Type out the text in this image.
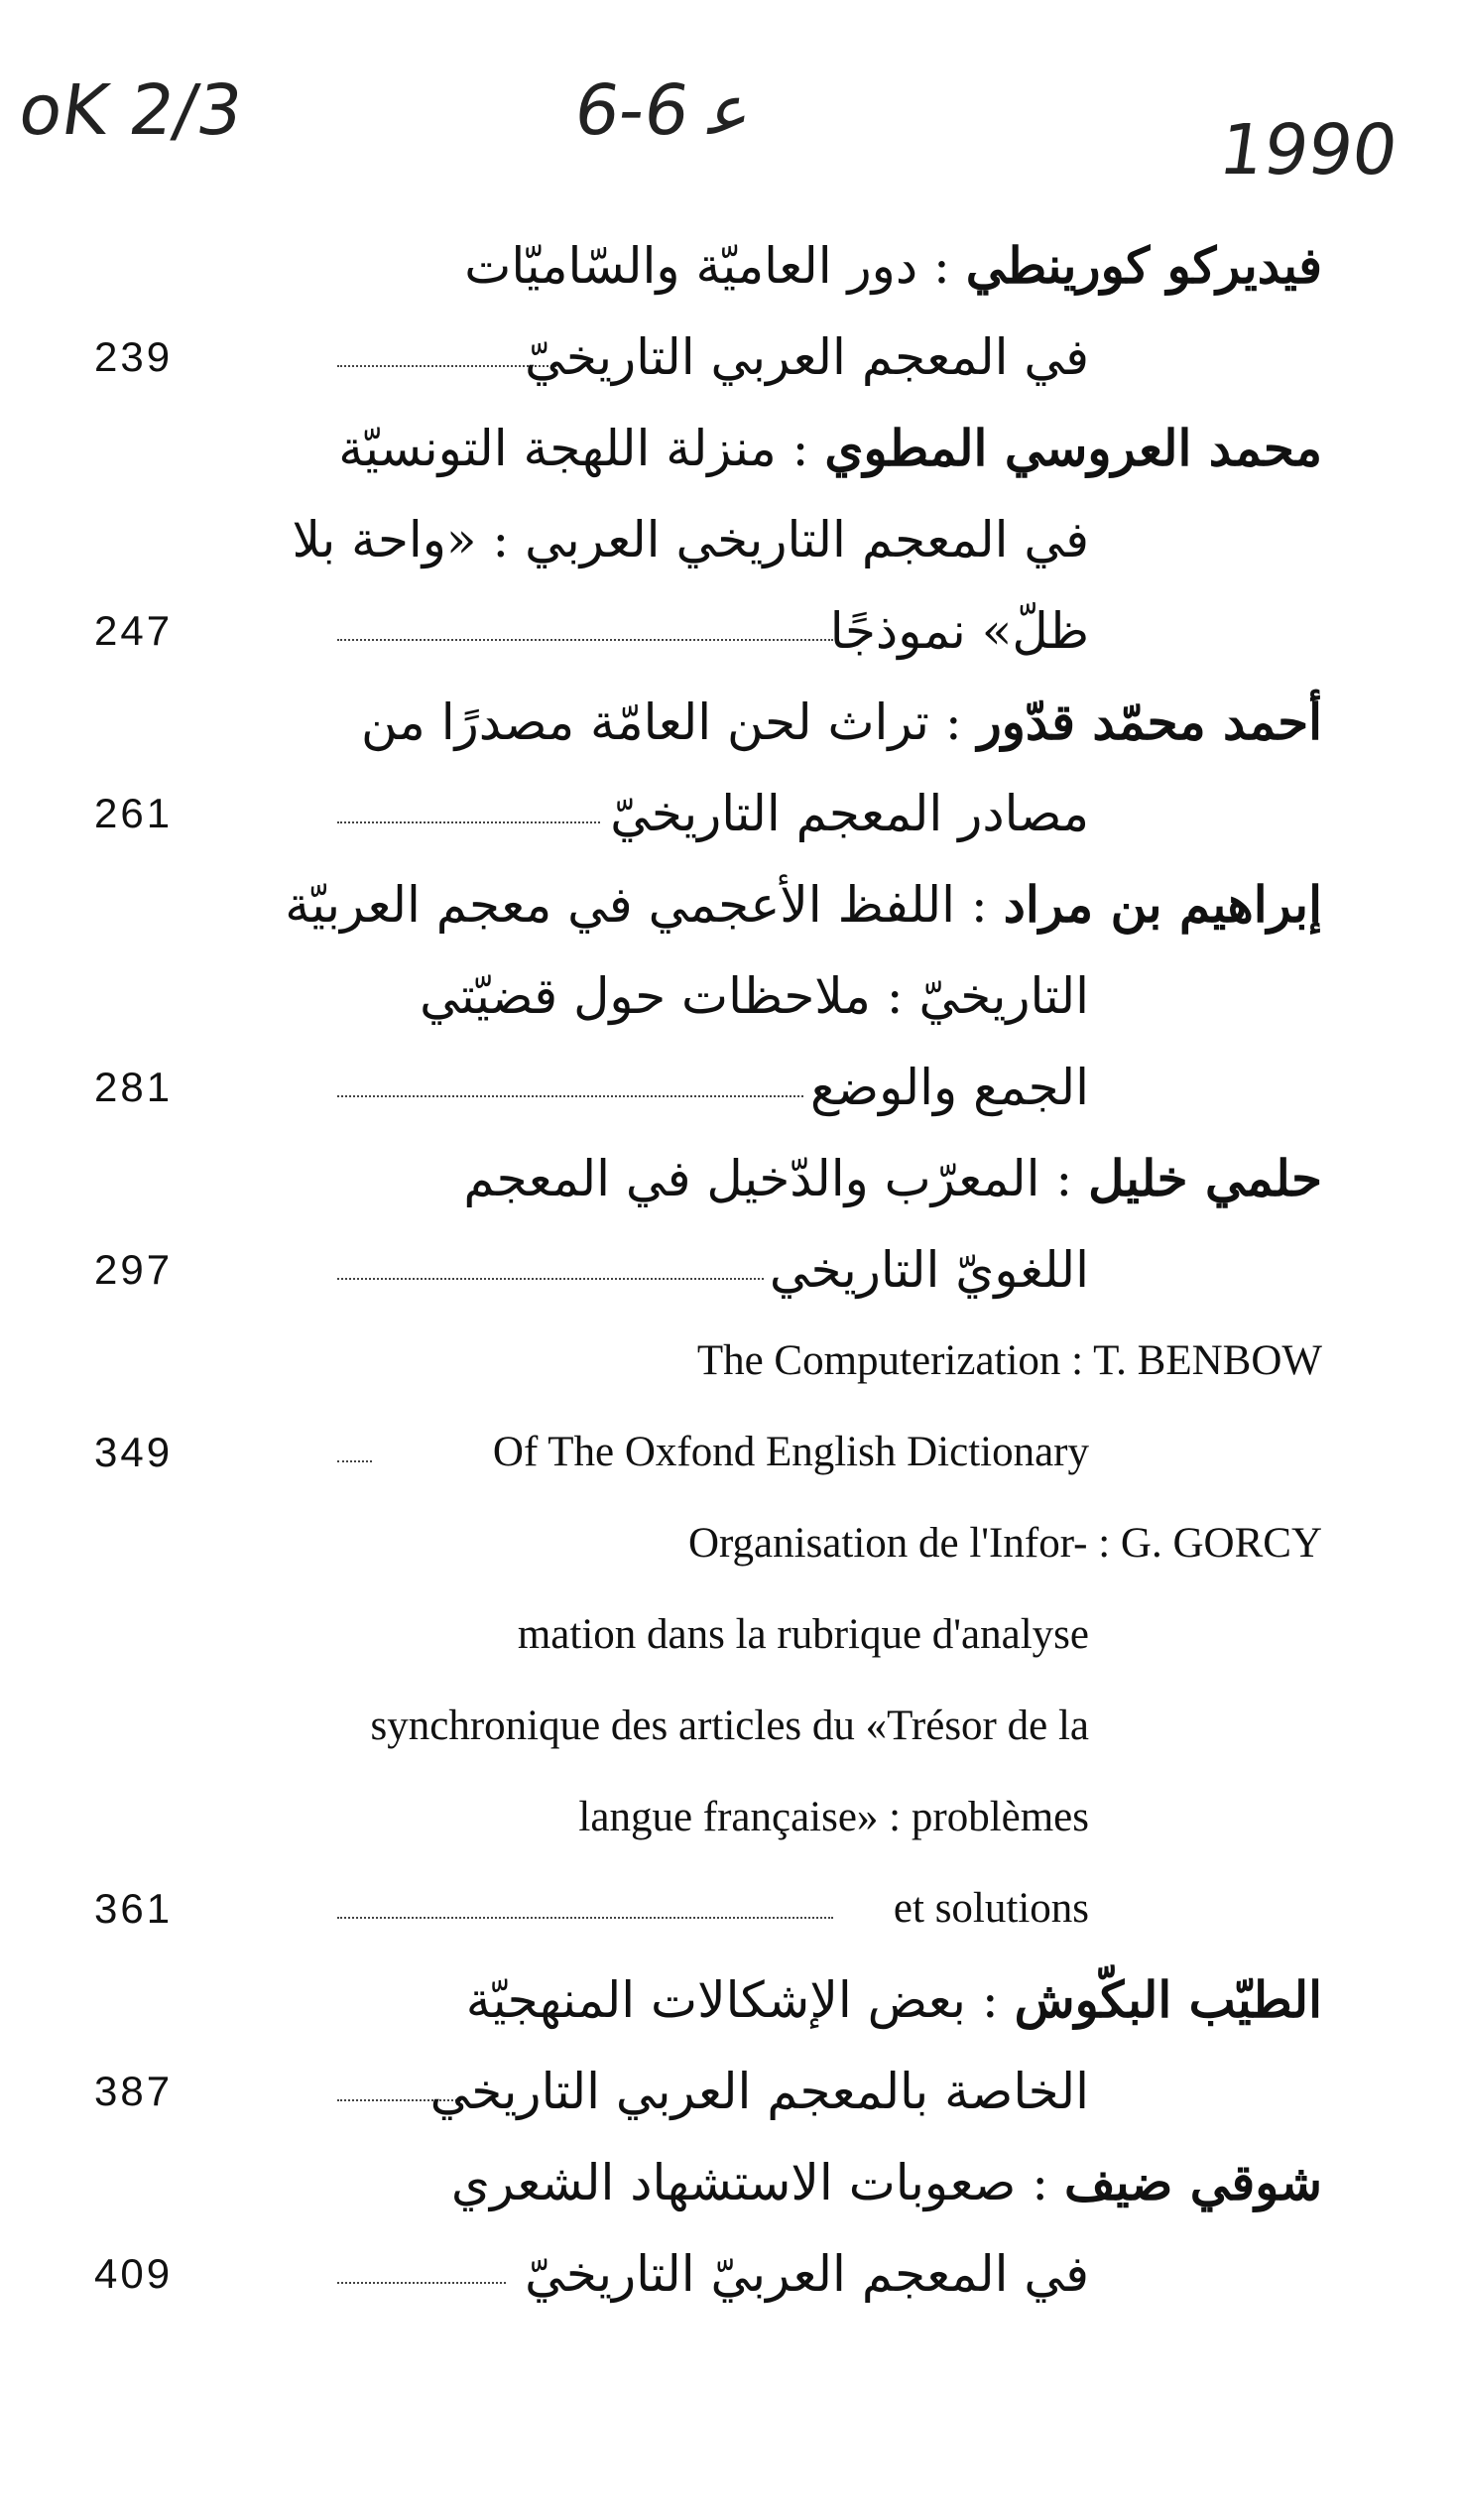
oK 2/3	ع‍ 6-6	1990
فيديركو كورينطي : دور العاميّة والسّاميّات
239	في المعجم العربي التاريخيّ
محمد العروسي المطوي : منزلة اللهجة التونسيّة
في المعجم التاريخي العربي : «واحة بلا
247	ظلّ» نموذجًا
أحمد محمّد قدّور : تراث لحن العامّة مصدرًا من
261	مصادر المعجم التاريخيّ
إبراهيم بن مراد : اللفظ الأعجمي في معجم العربيّة
التاريخيّ : ملاحظات حول قضيّتي
281	الجمع والوضع
حلمي خليل : المعرّب والدّخيل في المعجم
297	اللغويّ التاريخي
The Computerization : T. BENBOW
349	Of The Oxfond English Dictionary
Organisation de l'Infor- : G. GORCY
mation dans la rubrique d'analyse
synchronique des articles du «Trésor de la
langue française» : problèmes
361	et solutions
الطيّب البكّوش : بعض الإشكالات المنهجيّة
387	الخاصة بالمعجم العربي التاريخي
شوقي ضيف : صعوبات الاستشهاد الشعري
409	في المعجم العربيّ التاريخيّ
